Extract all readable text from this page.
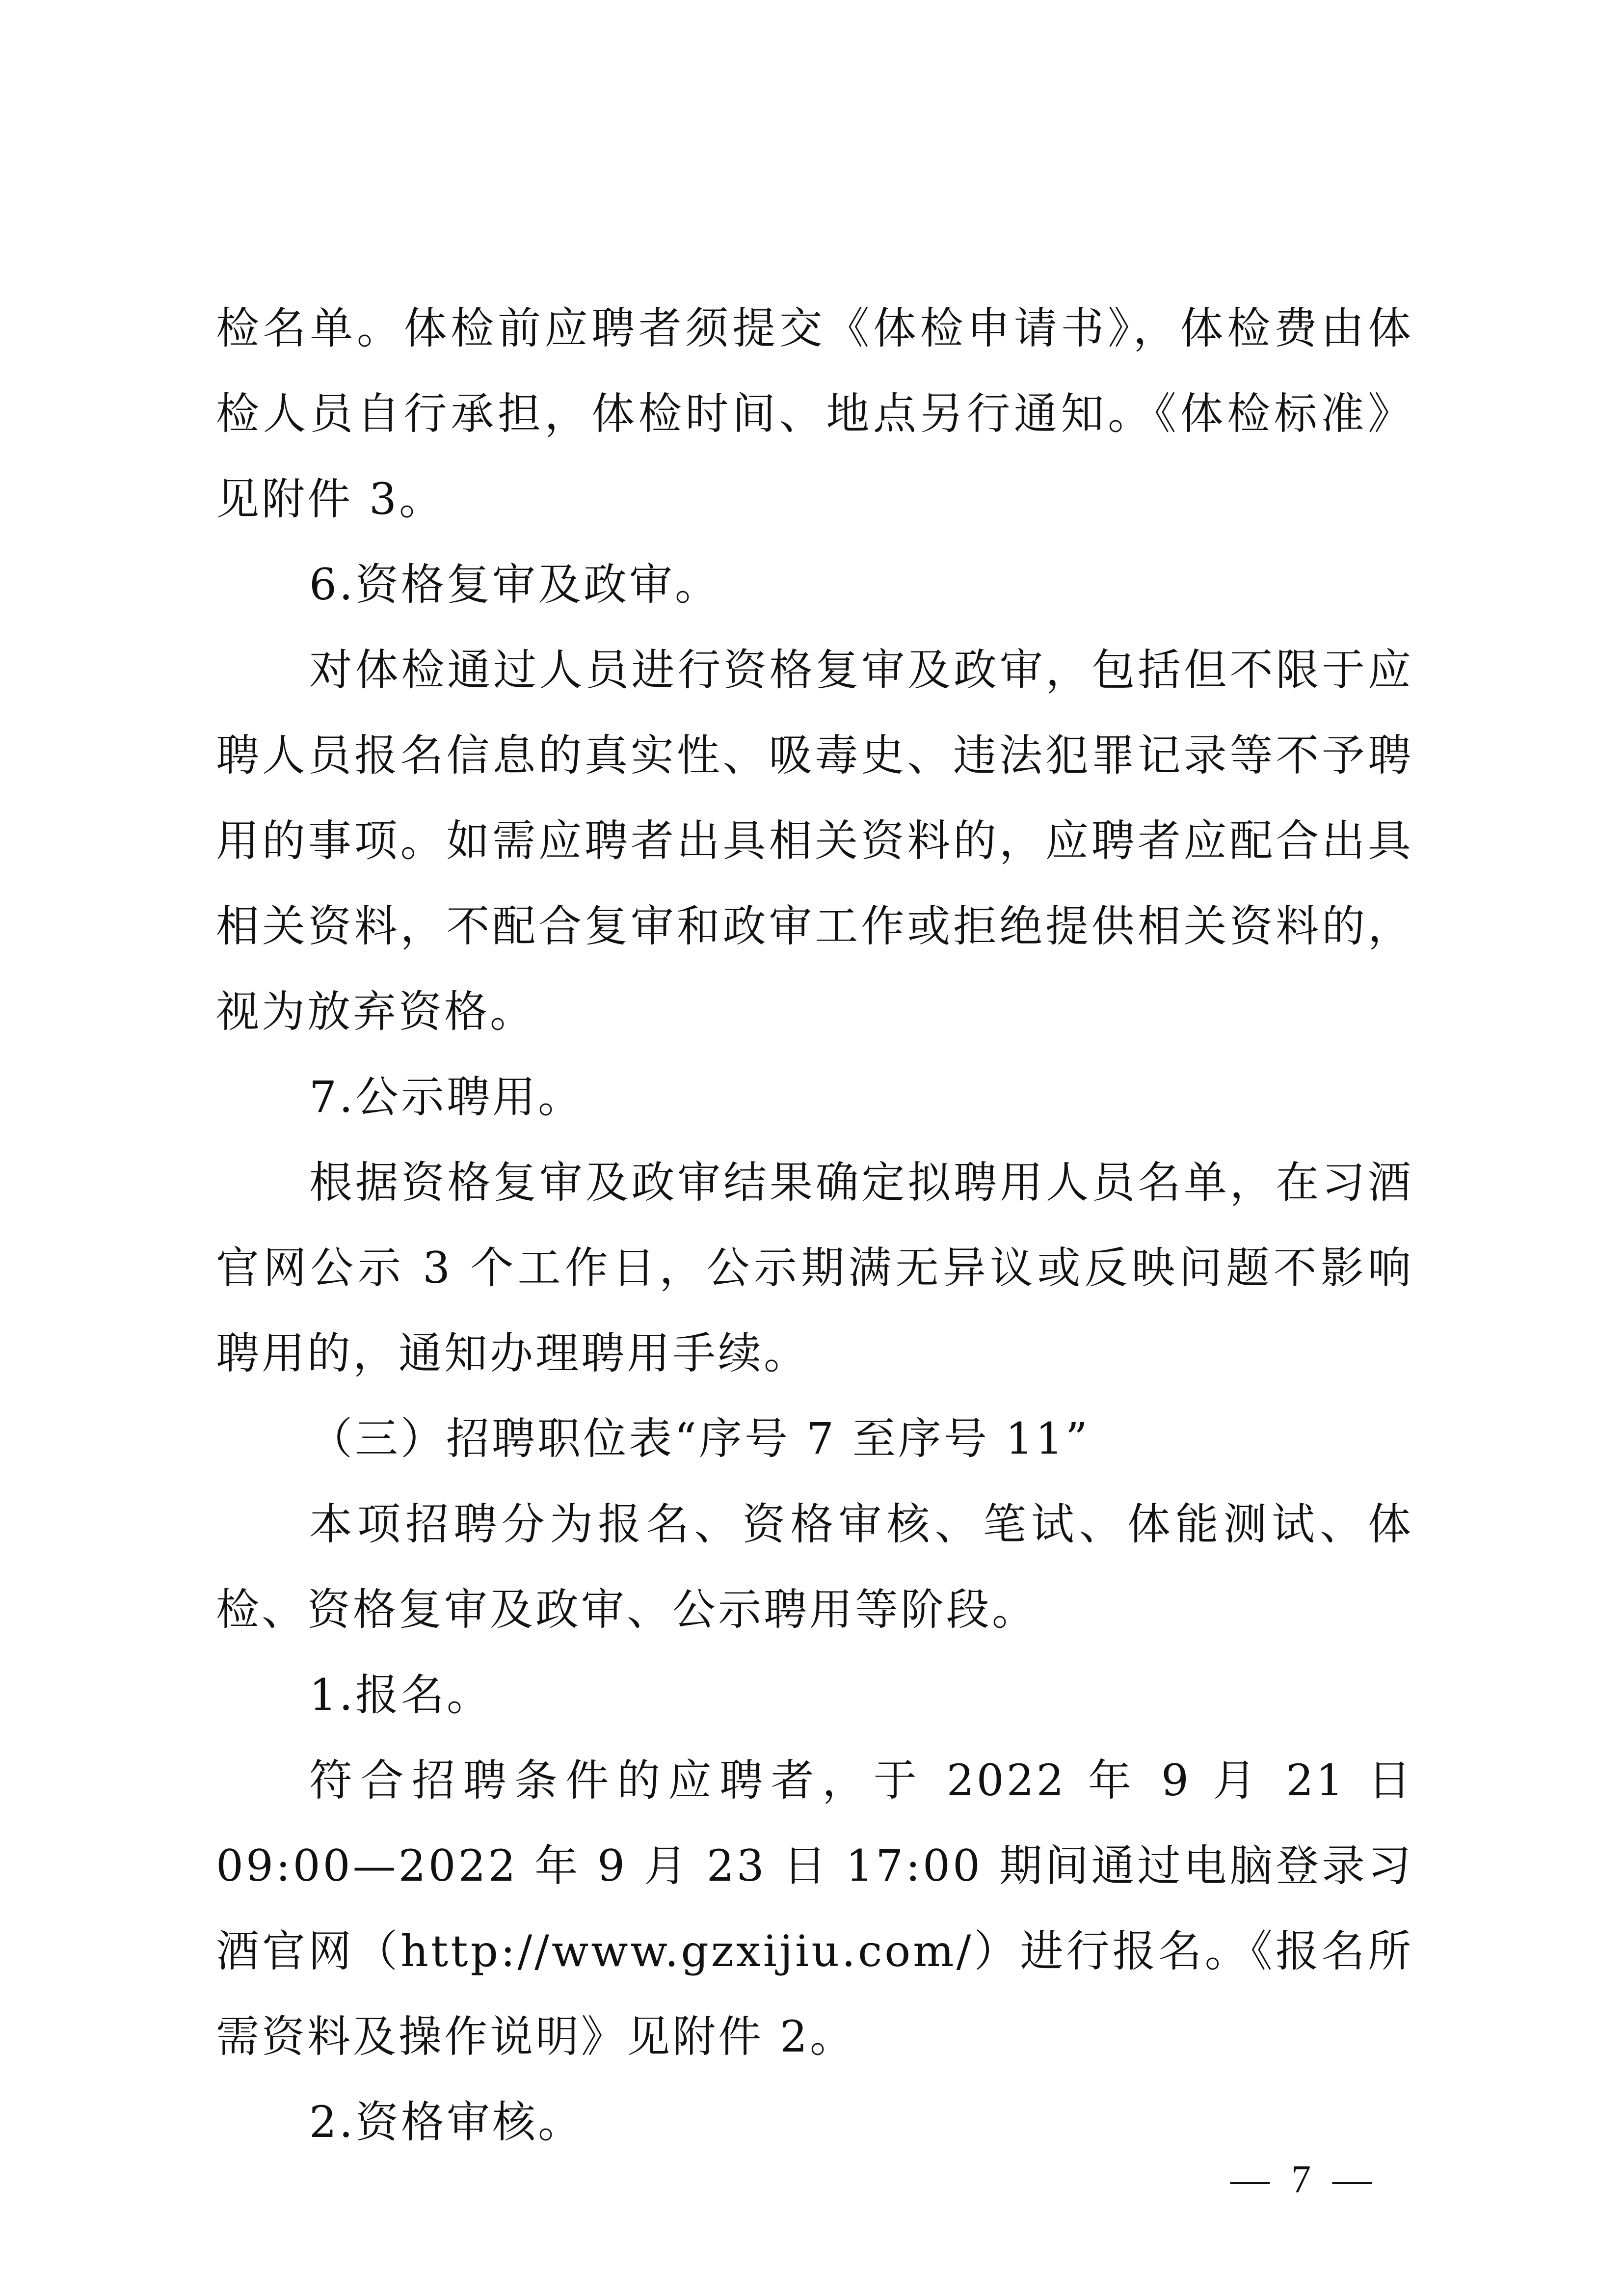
检名单。体检前应聘者须提交《体检申请书》，体检费由体检人员自行承担，体检时间、地点另行通知。《体检标准》见附件 3。

6.资格复审及政审。

对体检通过人员进行资格复审及政审，包括但不限于应聘人员报名信息的真实性、吸毒史、违法犯罪记录等不予聘用的事项。如需应聘者出具相关资料的，应聘者应配合出具相关资料，不配合复审和政审工作或拒绝提供相关资料的，视为放弃资格。

7.公示聘用。

根据资格复审及政审结果确定拟聘用人员名单，在习酒官网公示 3 个工作日，公示期满无异议或反映问题不影响聘用的，通知办理聘用手续。

（三）招聘职位表“序号 7 至序号 11”

本项招聘分为报名、资格审核、笔试、体能测试、体检、资格复审及政审、公示聘用等阶段。

1.报名。

符合招聘条件的应聘者，于 2022 年 9 月 21 日 09:00—2022 年 9 月 23 日 17:00 期间通过电脑登录习酒官网（http://www.gzxijiu.com/）进行报名。《报名所需资料及操作说明》见附件 2。

2.资格审核。

— 7 —
